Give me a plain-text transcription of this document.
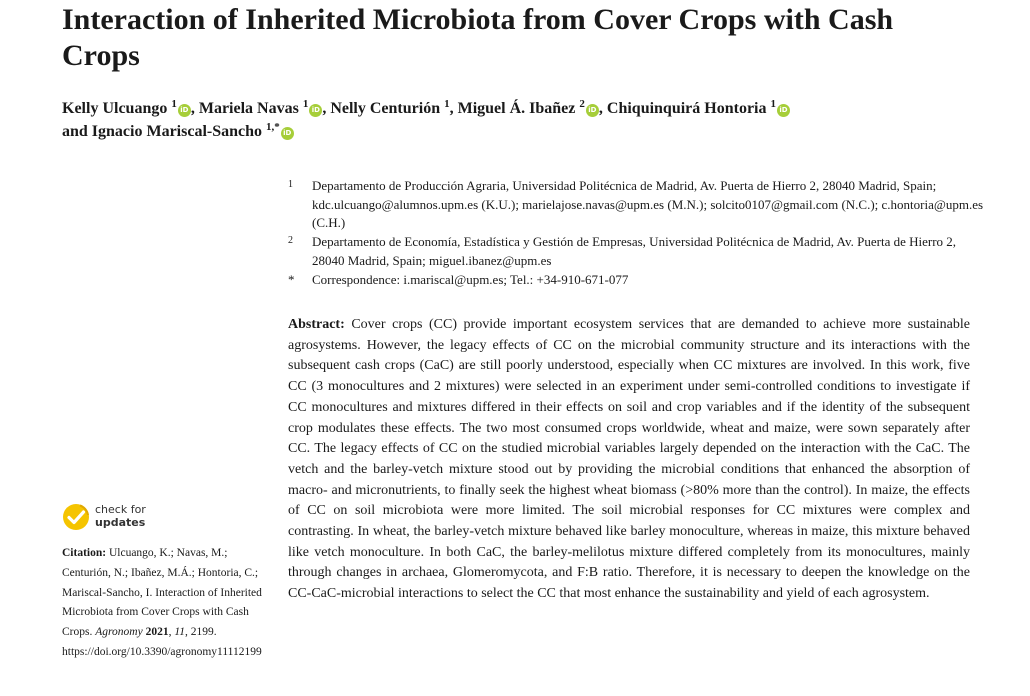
Interaction of Inherited Microbiota from Cover Crops with Cash Crops
Kelly Ulcuango $^1$ iD , Mariela Navas $^1$ iD , Nelly Centurión $^1$, Miguel Á. Ibañez $^2$ iD , Chiquinquirá Hontoria $^1$ iD
and Ignacio Mariscal-Sancho $^{1,*}$ iD
1	Departamento de Producción Agraria, Universidad Politécnica de Madrid, Av. Puerta de Hierro 2, 28040 Madrid, Spain; kdc.ulcuango@alumnos.upm.es (K.U.); marielajose.navas@upm.es (M.N.); solcito0107@gmail.com (N.C.); c.hontoria@upm.es (C.H.)
2	Departamento de Economía, Estadística y Gestión de Empresas, Universidad Politécnica de Madrid, Av. Puerta de Hierro 2, 28040 Madrid, Spain; miguel.ibanez@upm.es
*	Correspondence: i.mariscal@upm.es; Tel.: +34-910-671-077
Abstract: Cover crops (CC) provide important ecosystem services that are demanded to achieve more sustainable agrosystems. However, the legacy effects of CC on the microbial community structure and its interactions with the subsequent cash crops (CaC) are still poorly understood, especially when CC mixtures are involved. In this work, five CC (3 monocultures and 2 mixtures) were selected in an experiment under semi-controlled conditions to investigate if CC monocultures and mixtures differed in their effects on soil and crop variables and if the identity of the subsequent crop modulates these effects. The two most consumed crops worldwide, wheat and maize, were sown separately after CC. The legacy effects of CC on the studied microbial variables largely depended on the interaction with the CaC. The vetch and the barley-vetch mixture stood out by providing the microbial conditions that enhanced the absorption of macro- and micronutrients, to finally seek the highest wheat biomass (>80% more than the control). In maize, the effects of CC on soil microbiota were more limited. The soil microbial responses for CC mixtures were complex and contrasting. In wheat, the barley-vetch mixture behaved like barley monoculture, whereas in maize, this mixture behaved like vetch monoculture. In both CaC, the barley-melilotus mixture differed completely from its monocultures, mainly through changes in archaea, Glomeromycota, and F:B ratio. Therefore, it is necessary to deepen the knowledge on the CC-CaC-microbial interactions to select the CC that most enhance the sustainability and yield of each agrosystem.
check for
updates
Citation: Ulcuango, K.; Navas, M.; Centurión, N.; Ibañez, M.Á.; Hontoria, C.; Mariscal-Sancho, I. Interaction of Inherited Microbiota from Cover Crops with Cash Crops. Agronomy 2021, 11, 2199. https://doi.org/10.3390/agronomy11112199
